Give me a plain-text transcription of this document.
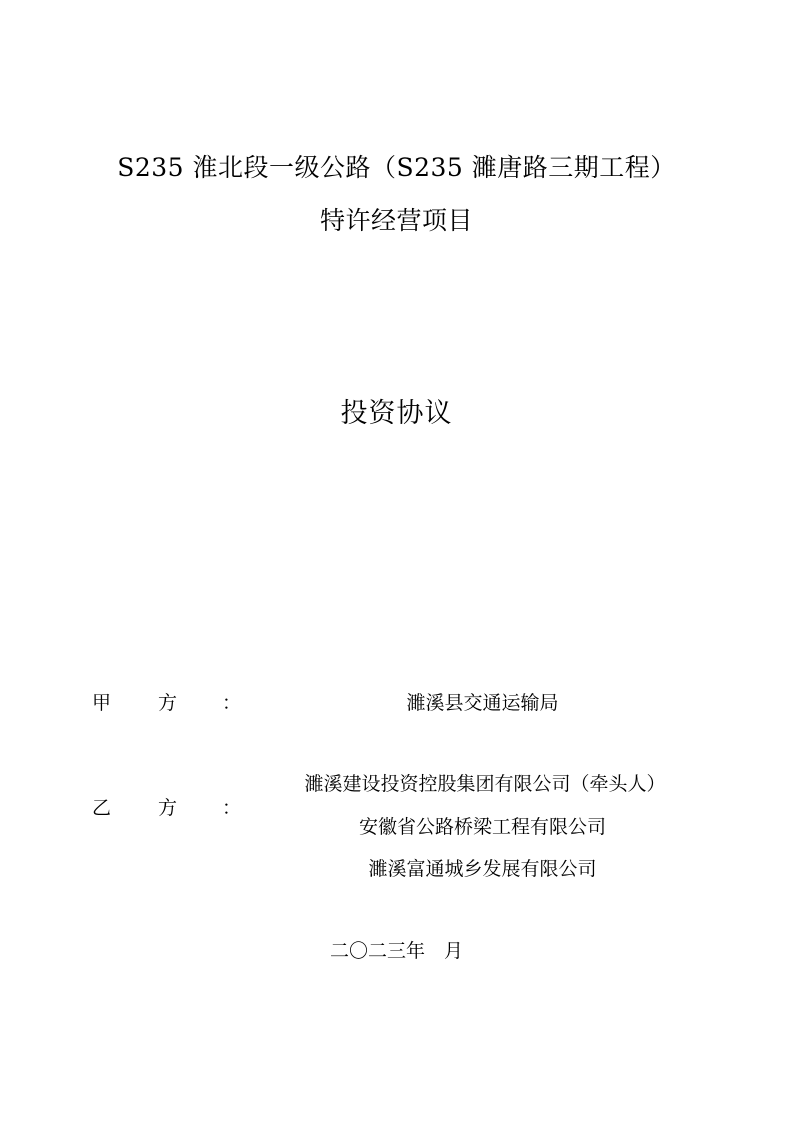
S235 淮北段一级公路（S235 濉唐路三期工程）
特许经营项目
投资协议
甲 方 ：	濉溪县交通运输局
乙 方 ：
濉溪建设投资控股集团有限公司（牵头人）
安徽省公路桥梁工程有限公司
濉溪富通城乡发展有限公司
二〇二三年　月
